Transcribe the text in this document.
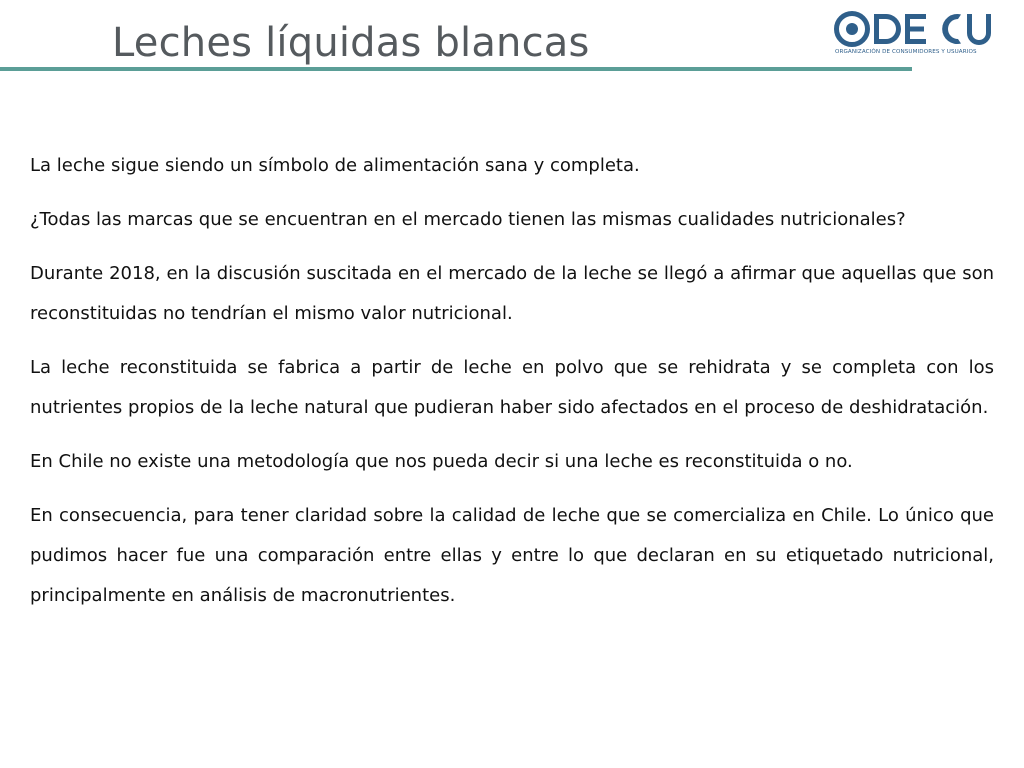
Leches líquidas blancas	ORGANIZACIÓN DE CONSUMIDORES Y USUARIOS

La leche sigue siendo un símbolo de alimentación sana y completa.

¿Todas las marcas que se encuentran en el mercado tienen las mismas cualidades nutricionales?

Durante 2018, en la discusión suscitada en el mercado de la leche se llegó a afirmar que aquellas que son reconstituidas no tendrían el mismo valor nutricional.

La leche reconstituida se fabrica a partir de leche en polvo que se rehidrata y se completa con los nutrientes propios de la leche natural que pudieran haber sido afectados en el proceso de deshidratación.

En Chile no existe una metodología que nos pueda decir si una leche es reconstituida o no.

En consecuencia, para tener claridad sobre la calidad de leche que se comercializa en Chile. Lo único que pudimos hacer fue una comparación entre ellas y entre lo que declaran en su etiquetado nutricional, principalmente en análisis de macronutrientes.
